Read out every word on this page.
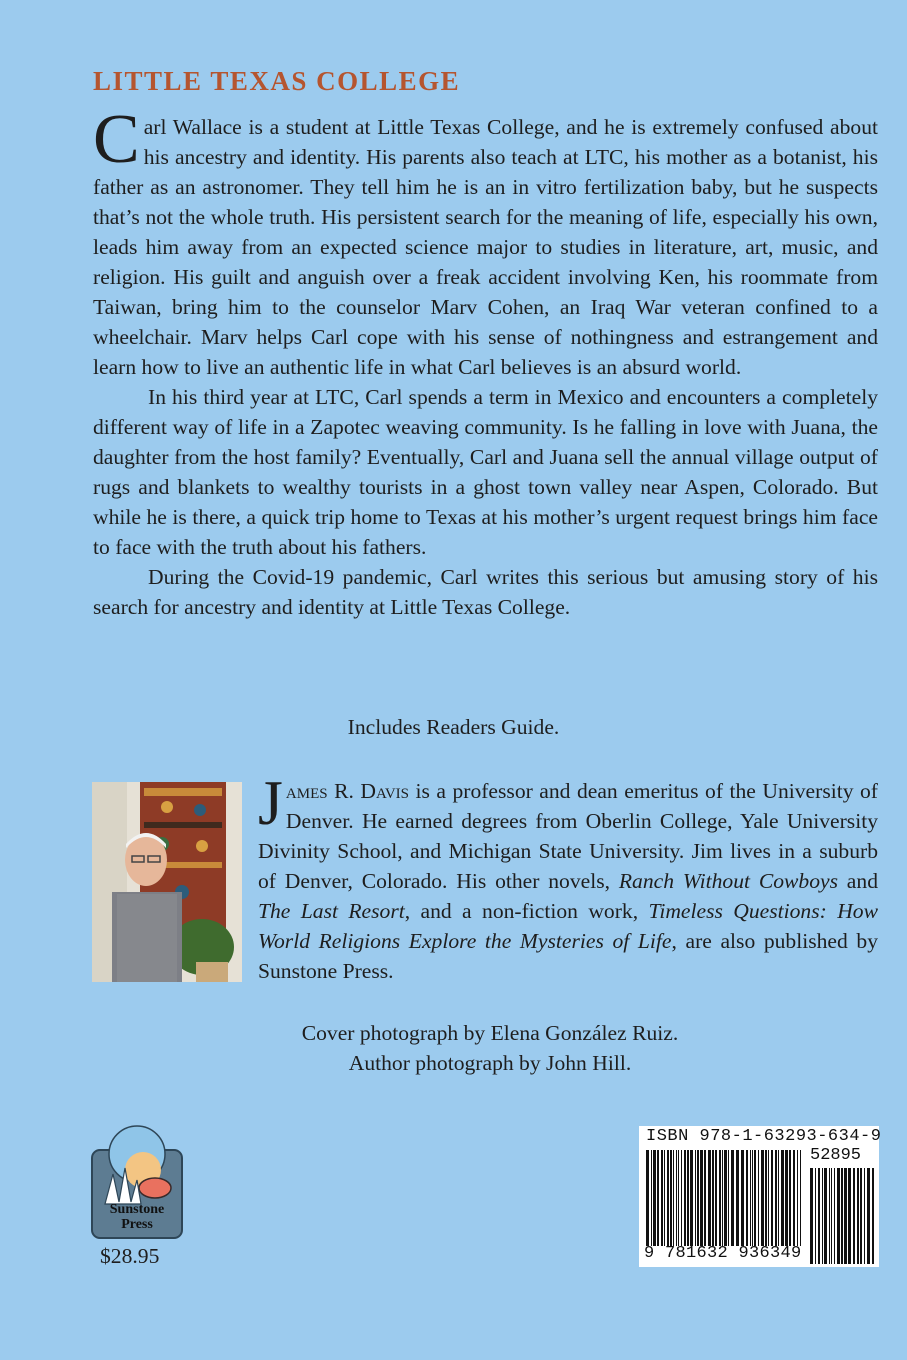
LITTLE TEXAS COLLEGE

Carl Wallace is a student at Little Texas College, and he is extremely confused about his ancestry and identity. His parents also teach at LTC, his mother as a botanist, his father as an astronomer. They tell him he is an in vitro fertilization baby, but he suspects that’s not the whole truth. His persistent search for the meaning of life, especially his own, leads him away from an expected science major to studies in literature, art, music, and religion. His guilt and anguish over a freak accident involving Ken, his roommate from Taiwan, bring him to the counselor Marv Cohen, an Iraq War veteran confined to a wheelchair. Marv helps Carl cope with his sense of nothingness and estrangement and learn how to live an authentic life in what Carl believes is an absurd world.

In his third year at LTC, Carl spends a term in Mexico and encounters a completely different way of life in a Zapotec weaving community. Is he falling in love with Juana, the daughter from the host family? Eventually, Carl and Juana sell the annual village output of rugs and blankets to wealthy tourists in a ghost town valley near Aspen, Colorado. But while he is there, a quick trip home to Texas at his mother’s urgent request brings him face to face with the truth about his fathers.

During the Covid-19 pandemic, Carl writes this serious but amusing story of his search for ancestry and identity at Little Texas College.

Includes Readers Guide.
James R. Davis is a professor and dean emeritus of the University of Denver. He earned degrees from Oberlin College, Yale University Divinity School, and Michigan State University. Jim lives in a suburb of Denver, Colorado. His other novels, Ranch Without Cowboys and The Last Resort, and a non-fiction work, Timeless Questions: How World Religions Explore the Mysteries of Life, are also published by Sunstone Press.
Cover photograph by Elena González Ruiz.
Author photograph by John Hill.
Sunstone
Press
$28.95
ISBN 978-1-63293-634-9
52895
9 781632 936349
